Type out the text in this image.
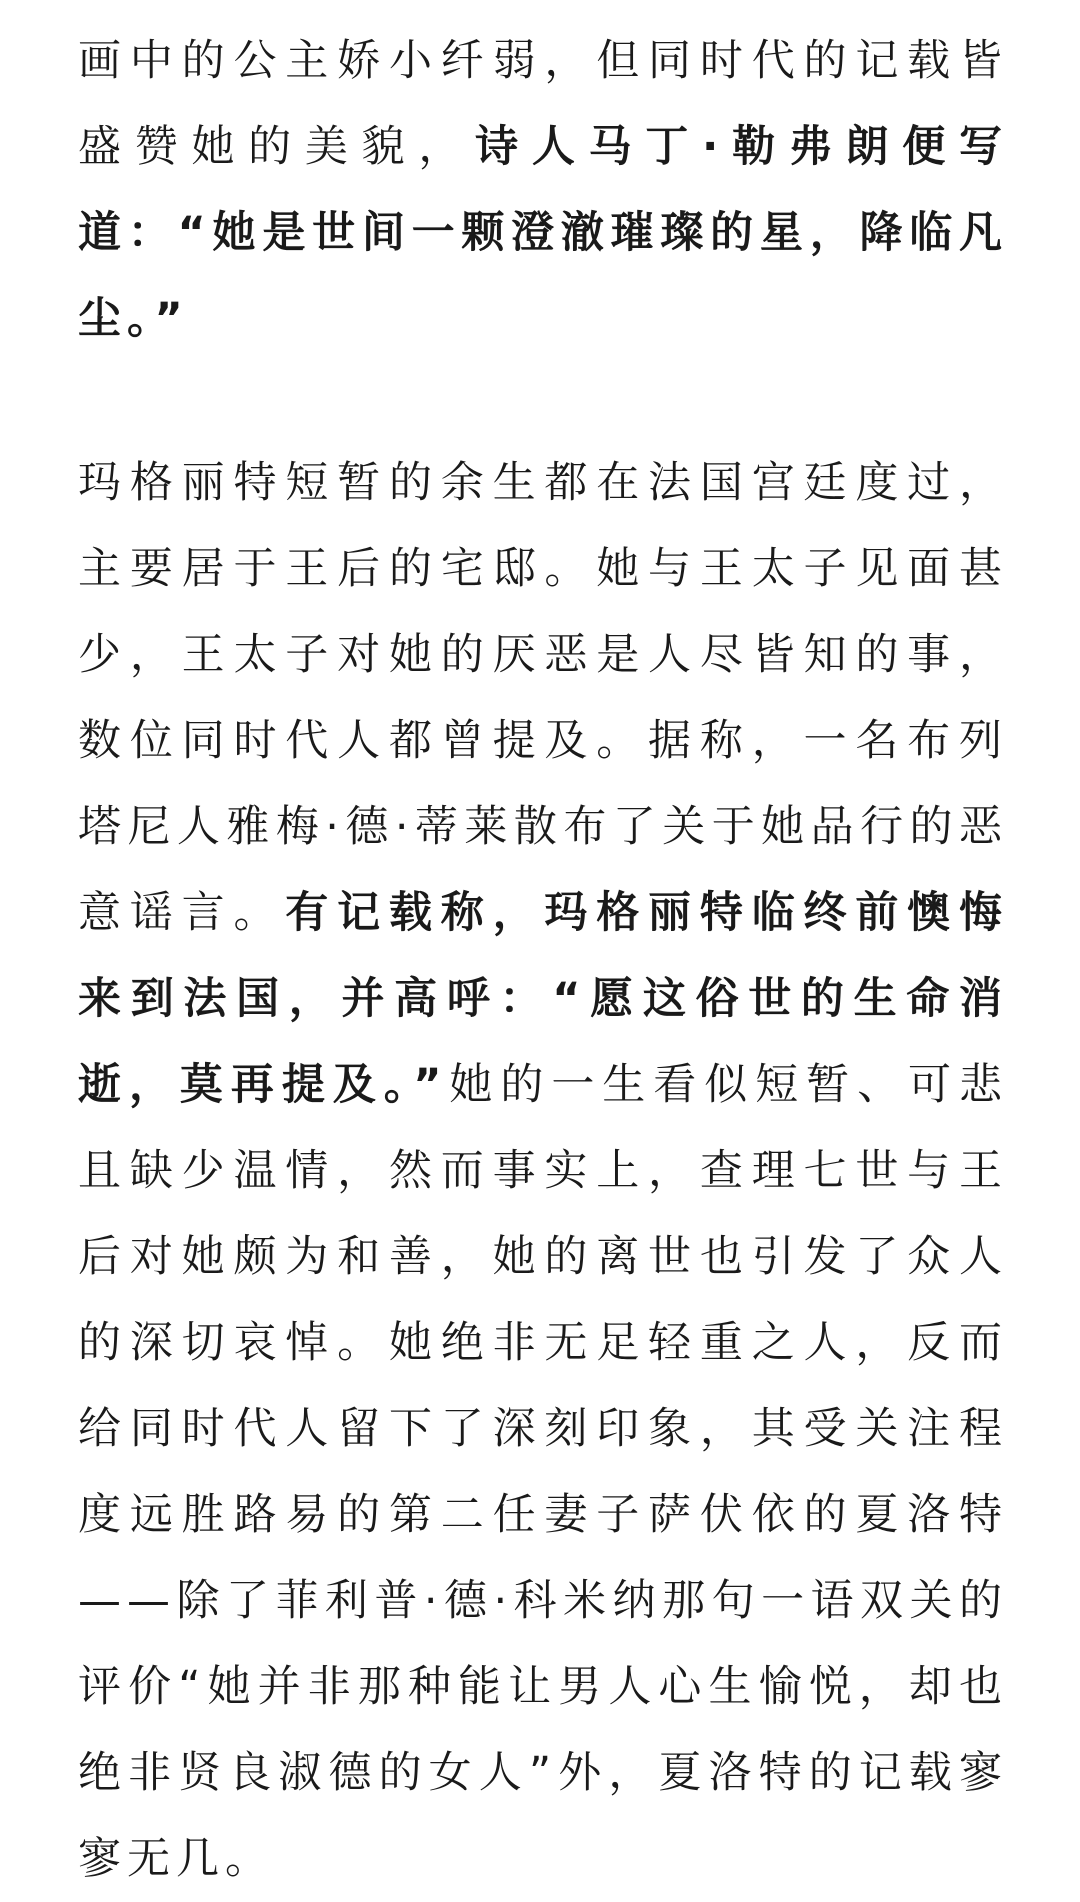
画中的公主娇小纤弱，但同时代的记载皆盛赞她的美貌，诗人马丁·勒弗朗便写道：“她是世间一颗澄澈璀璨的星，降临凡尘。”

玛格丽特短暂的余生都在法国宫廷度过，主要居于王后的宅邸。她与王太子见面甚少，王太子对她的厌恶是人尽皆知的事，数位同时代人都曾提及。据称，一名布列塔尼人雅梅·德·蒂莱散布了关于她品行的恶意谣言。有记载称，玛格丽特临终前懊悔来到法国，并高呼：“愿这俗世的生命消逝，莫再提及。”她的一生看似短暂、可悲且缺少温情，然而事实上，查理七世与王后对她颇为和善，她的离世也引发了众人的深切哀悼。她绝非无足轻重之人，反而给同时代人留下了深刻印象，其受关注程度远胜路易的第二任妻子萨伏依的夏洛特——除了菲利普·德·科米纳那句一语双关的评价“她并非那种能让男人心生愉悦，却也绝非贤良淑德的女人”外，夏洛特的记载寥寥无几。
